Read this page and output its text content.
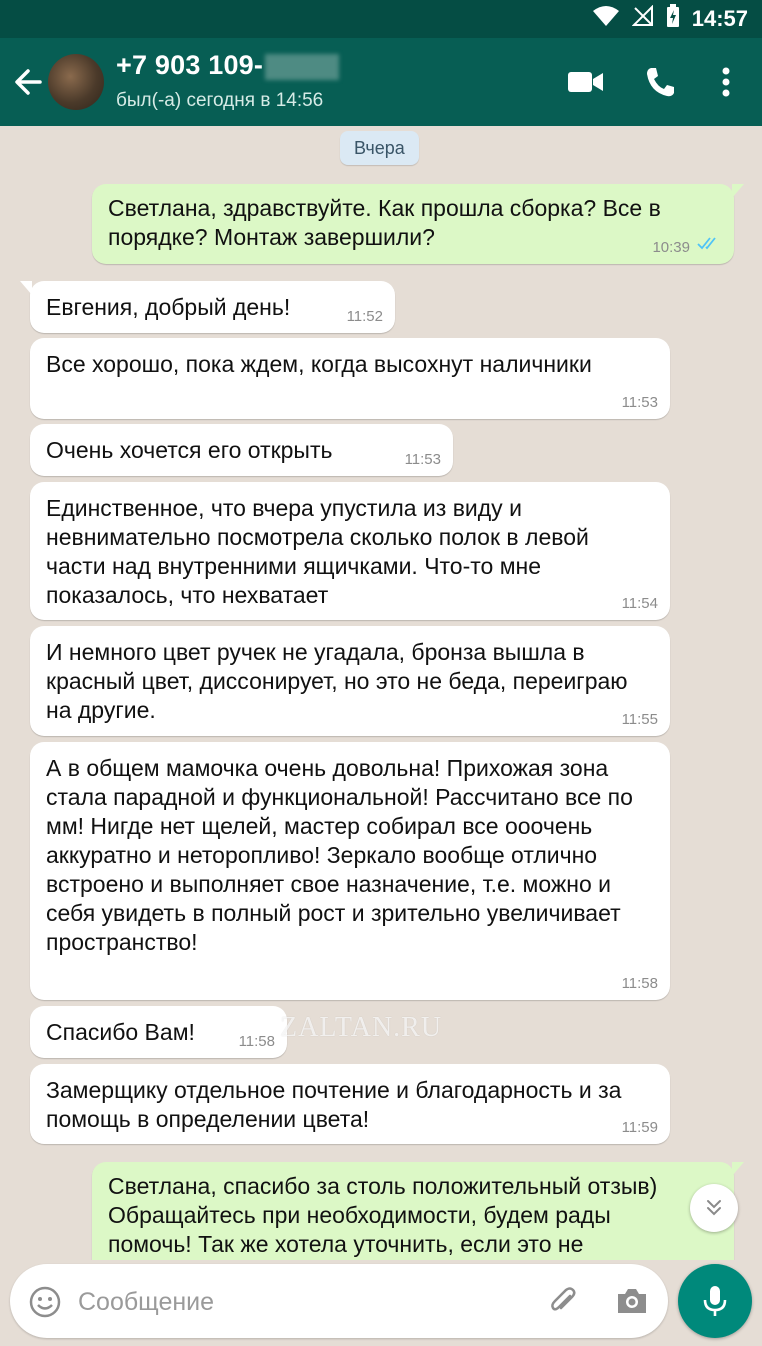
14:57
+7 903 109-
был(-а) сегодня в 14:56
Вчера
Светлана, здравствуйте. Как прошла сборка? Все в порядке? Монтаж завершили?	10:39
Евгения, добрый день!	11:52
Все хорошо, пока ждем, когда высохнут наличники
11:53
Очень хочется его открыть	11:53
Единственное, что вчера упустила из виду и невнимательно посмотрела сколько полок в левой части над внутренними ящичками. Что-то мне показалось, что нехватает	11:54
И немного цвет ручек не угадала, бронза вышла в красный цвет, диссонирует, но это не беда, переиграю на другие.	11:55
А в общем мамочка очень довольна! Прихожая зона стала парадной и функциональной! Рассчитано все по мм! Нигде нет щелей, мастер собирал все ооочень аккуратно и неторопливо! Зеркало вообще отлично встроено и выполняет свое назначение, т.е. можно и себя увидеть в полный рост и зрительно увеличивает пространство!
11:58
Спасибо Вам!	11:58 ZALTAN.RU
Замерщику отдельное почтение и благодарность и за помощь в определении цвета!	11:59
Светлана, спасибо за столь положительный отзыв) Обращайтесь при необходимости, будем рады помочь! Так же хотела уточнить, если это не
Сообщение
